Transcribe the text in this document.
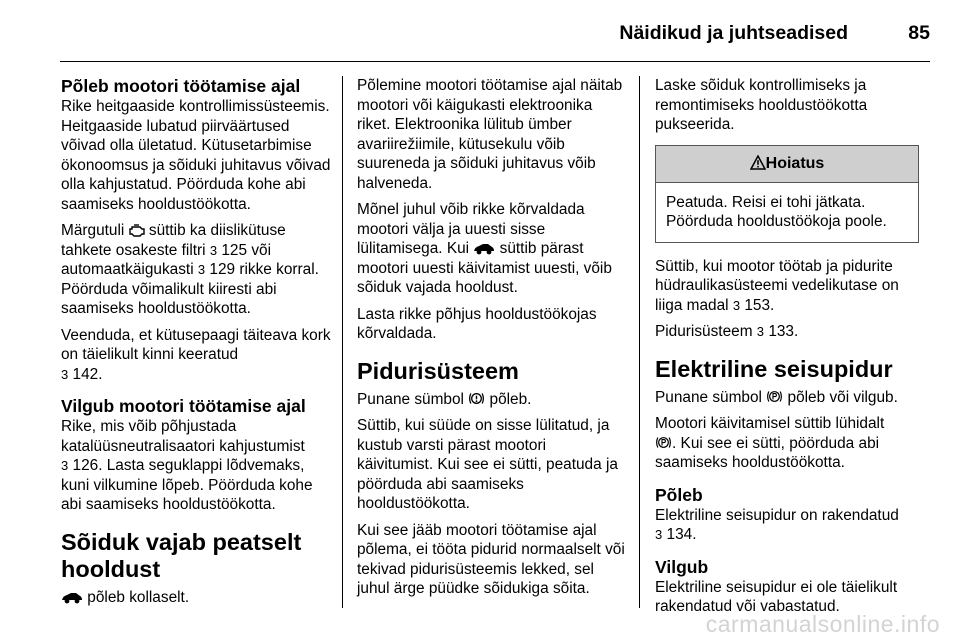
Näidikud ja juhtseadised	85
Põleb mootori töötamise ajal

Rike heitgaaside kontrollimissüsteemis. Heitgaaside lubatud piirväärtused võivad olla ületatud. Kütusetarbimise ökonoomsus ja sõiduki juhitavus võivad olla kahjustatud. Pöörduda kohe abi saamiseks hooldustöökotta.

Märgutuli süttib ka diislikütuse tahkete osakeste filtri 3 125 või automaatkäigukasti 3 129 rikke korral. Pöörduda võimalikult kiiresti abi saamiseks hooldustöökotta.

Veenduda, et kütusepaagi täiteava kork on täielikult kinni keeratud
3 142.

Vilgub mootori töötamise ajal

Rike, mis võib põhjustada katalüüsneutralisaatori kahjustumist
3 126. Lasta seguklappi lõdvemaks, kuni vilkumine lõpeb. Pöörduda kohe abi saamiseks hooldustöökotta.

Sõiduk vajab peatselt hooldust

põleb kollaselt.

Põlemine mootori töötamise ajal näitab mootori või käigukasti elektroonika riket. Elektroonika lülitub ümber avariirežiimile, kütusekulu võib suureneda ja sõiduki juhitavus võib halveneda.

Mõnel juhul võib rikke kõrvaldada mootori välja ja uuesti sisse lülitamisega. Kui süttib pärast mootori uuesti käivitamist uuesti, võib sõiduk vajada hooldust.

Lasta rikke põhjus hooldustöökojas kõrvaldada.

Pidurisüsteem

Punane sümbol põleb.

Süttib, kui süüde on sisse lülitatud, ja kustub varsti pärast mootori käivitumist. Kui see ei sütti, peatuda ja pöörduda abi saamiseks hooldustöökotta.

Kui see jääb mootori töötamise ajal põlema, ei tööta pidurid normaalselt või tekivad pidurisüsteemis lekked, sel juhul ärge püüdke sõidukiga sõita.

Laske sõiduk kontrollimiseks ja remontimiseks hooldustöökotta pukseerida.

Hoiatus

Peatuda. Reisi ei tohi jätkata. Pöörduda hooldustöökoja poole.

Süttib, kui mootor töötab ja pidurite hüdraulikasüsteemi vedelikutase on liiga madal 3 153.

Pidurisüsteem 3 133.

Elektriline seisupidur

Punane sümbol põleb või vilgub.

Mootori käivitamisel süttib lühidalt
. Kui see ei sütti, pöörduda abi saamiseks hooldustöökotta.

Põleb

Elektriline seisupidur on rakendatud
3 134.

Vilgub

Elektriline seisupidur ei ole täielikult rakendatud või vabastatud.

carmanualsonline.info
